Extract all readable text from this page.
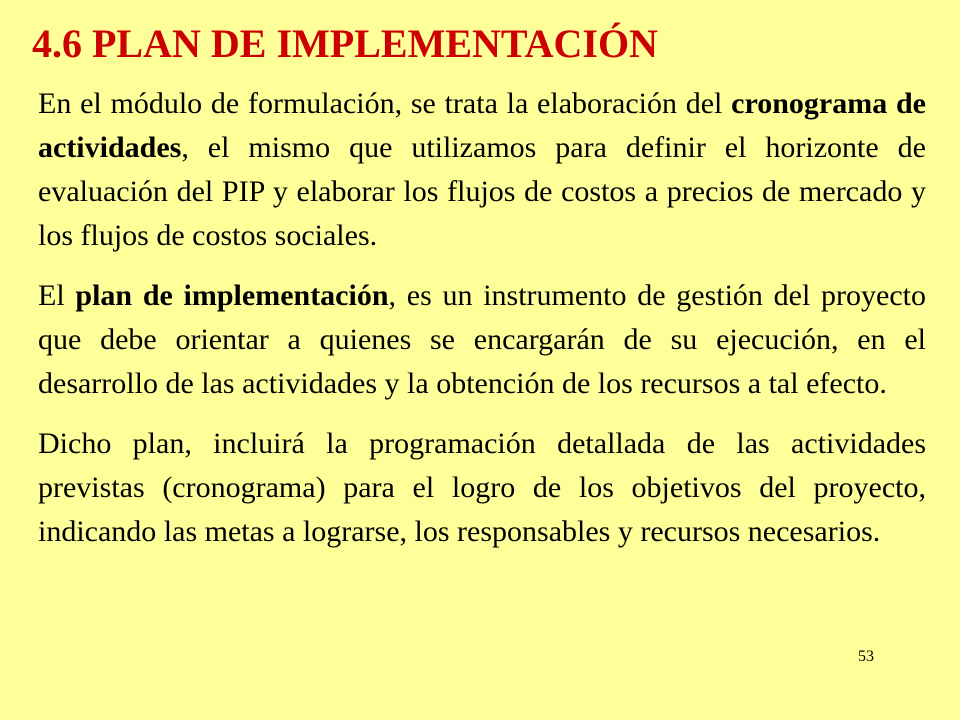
4.6 PLAN DE IMPLEMENTACIÓN

En el módulo de formulación, se trata la elaboración del cronograma de actividades, el mismo que utilizamos para definir el horizonte de evaluación del PIP y elaborar los flujos de costos a precios de mercado y los flujos de costos sociales.

El plan de implementación, es un instrumento de gestión del proyecto que debe orientar a quienes se encargarán de su ejecución, en el desarrollo de las actividades y la obtención de los recursos a tal efecto.

Dicho plan, incluirá la programación detallada de las actividades previstas (cronograma) para el logro de los objetivos del proyecto, indicando las metas a lograrse, los responsables y recursos necesarios.

53
